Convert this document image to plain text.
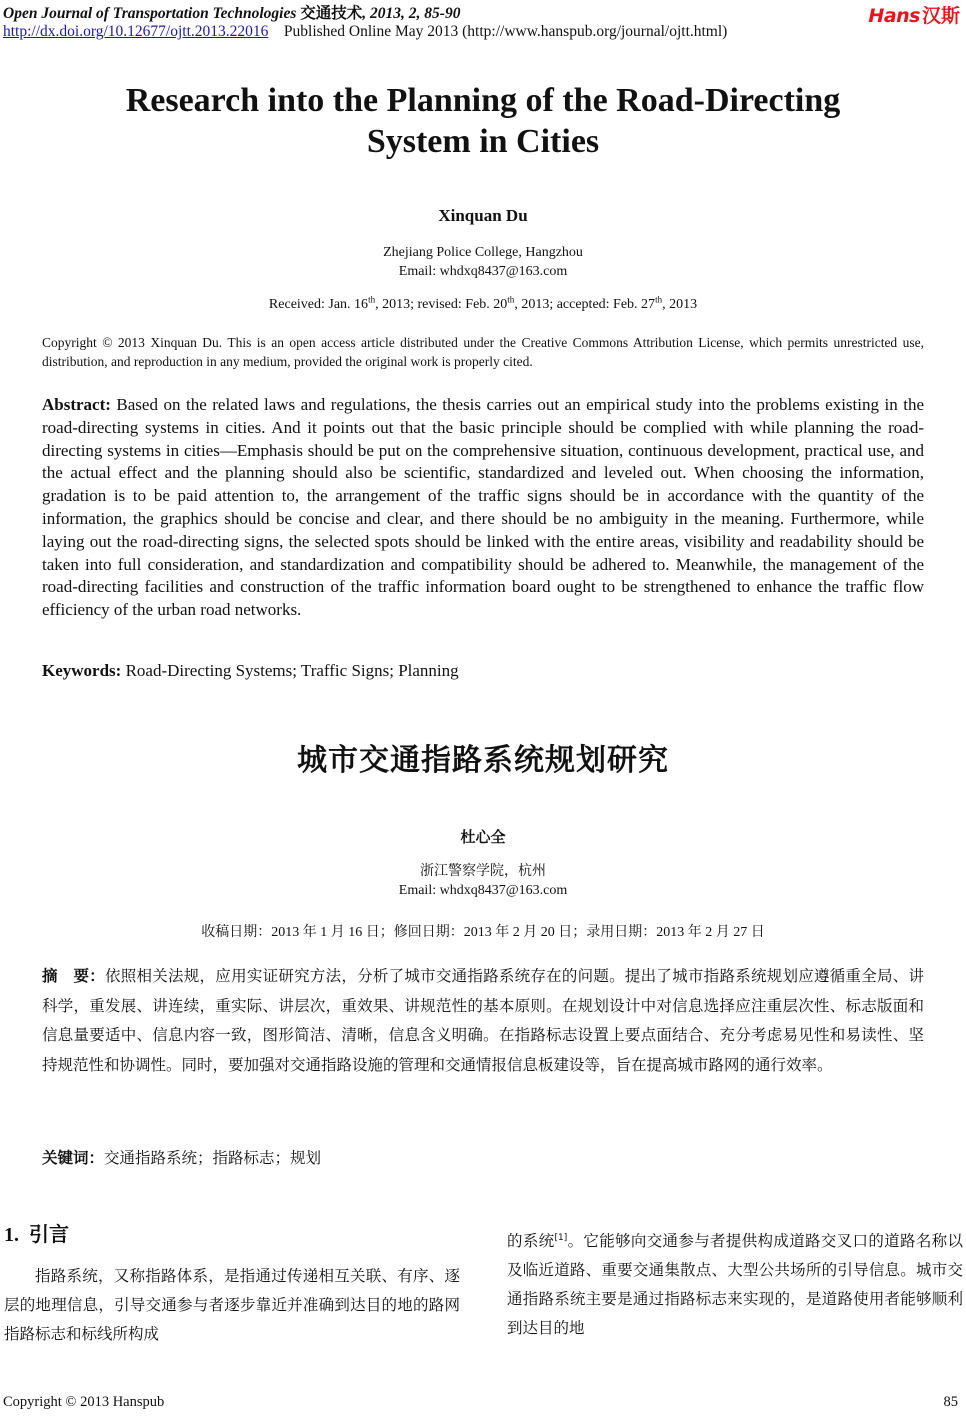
Open Journal of Transportation Technologies 交通技术, 2013, 2, 85-90
http://dx.doi.org/10.12677/ojtt.2013.22016 Published Online May 2013 (http://www.hanspub.org/journal/ojtt.html)
Hans 汉斯
Research into the Planning of the Road-Directing
System in Cities
Xinquan Du
Zhejiang Police College, Hangzhou
Email: whdxq8437@163.com
Received: Jan. 16th, 2013; revised: Feb. 20th, 2013; accepted: Feb. 27th, 2013
Copyright © 2013 Xinquan Du. This is an open access article distributed under the Creative Commons Attribution License, which permits unrestricted use, distribution, and reproduction in any medium, provided the original work is properly cited.
Abstract: Based on the related laws and regulations, the thesis carries out an empirical study into the problems existing in the road-directing systems in cities. And it points out that the basic principle should be complied with while planning the road-directing systems in cities—Emphasis should be put on the comprehensive situation, continuous development, practical use, and the actual effect and the planning should also be scientific, standardized and leveled out. When choosing the information, gradation is to be paid attention to, the arrangement of the traffic signs should be in accordance with the quantity of the information, the graphics should be concise and clear, and there should be no ambiguity in the meaning. Furthermore, while laying out the road-directing signs, the selected spots should be linked with the entire areas, visibility and readability should be taken into full consideration, and standardization and compatibility should be adhered to. Meanwhile, the management of the road-directing facilities and construction of the traffic information board ought to be strengthened to enhance the traffic flow efficiency of the urban road networks.
Keywords: Road-Directing Systems; Traffic Signs; Planning
城市交通指路系统规划研究
杜心全
浙江警察学院，杭州
Email: whdxq8437@163.com
收稿日期：2013 年 1 月 16 日；修回日期：2013 年 2 月 20 日；录用日期：2013 年 2 月 27 日
摘　要：依照相关法规，应用实证研究方法，分析了城市交通指路系统存在的问题。提出了城市指路系统规划应遵循重全局、讲科学，重发展、讲连续，重实际、讲层次，重效果、讲规范性的基本原则。在规划设计中对信息选择应注重层次性、标志版面和信息量要适中、信息内容一致，图形简洁、清晰，信息含义明确。在指路标志设置上要点面结合、充分考虑易见性和易读性、坚持规范性和协调性。同时，要加强对交通指路设施的管理和交通情报信息板建设等，旨在提高城市路网的通行效率。
关键词：交通指路系统；指路标志；规划
1. 引言
指路系统，又称指路体系，是指通过传递相互关联、有序、逐层的地理信息，引导交通参与者逐步靠近并准确到达目的地的路网指路标志和标线所构成
的系统[1]。它能够向交通参与者提供构成道路交叉口的道路名称以及临近道路、重要交通集散点、大型公共场所的引导信息。城市交通指路系统主要是通过指路标志来实现的，是道路使用者能够顺利到达目的地
Copyright © 2013 Hanspub	85
